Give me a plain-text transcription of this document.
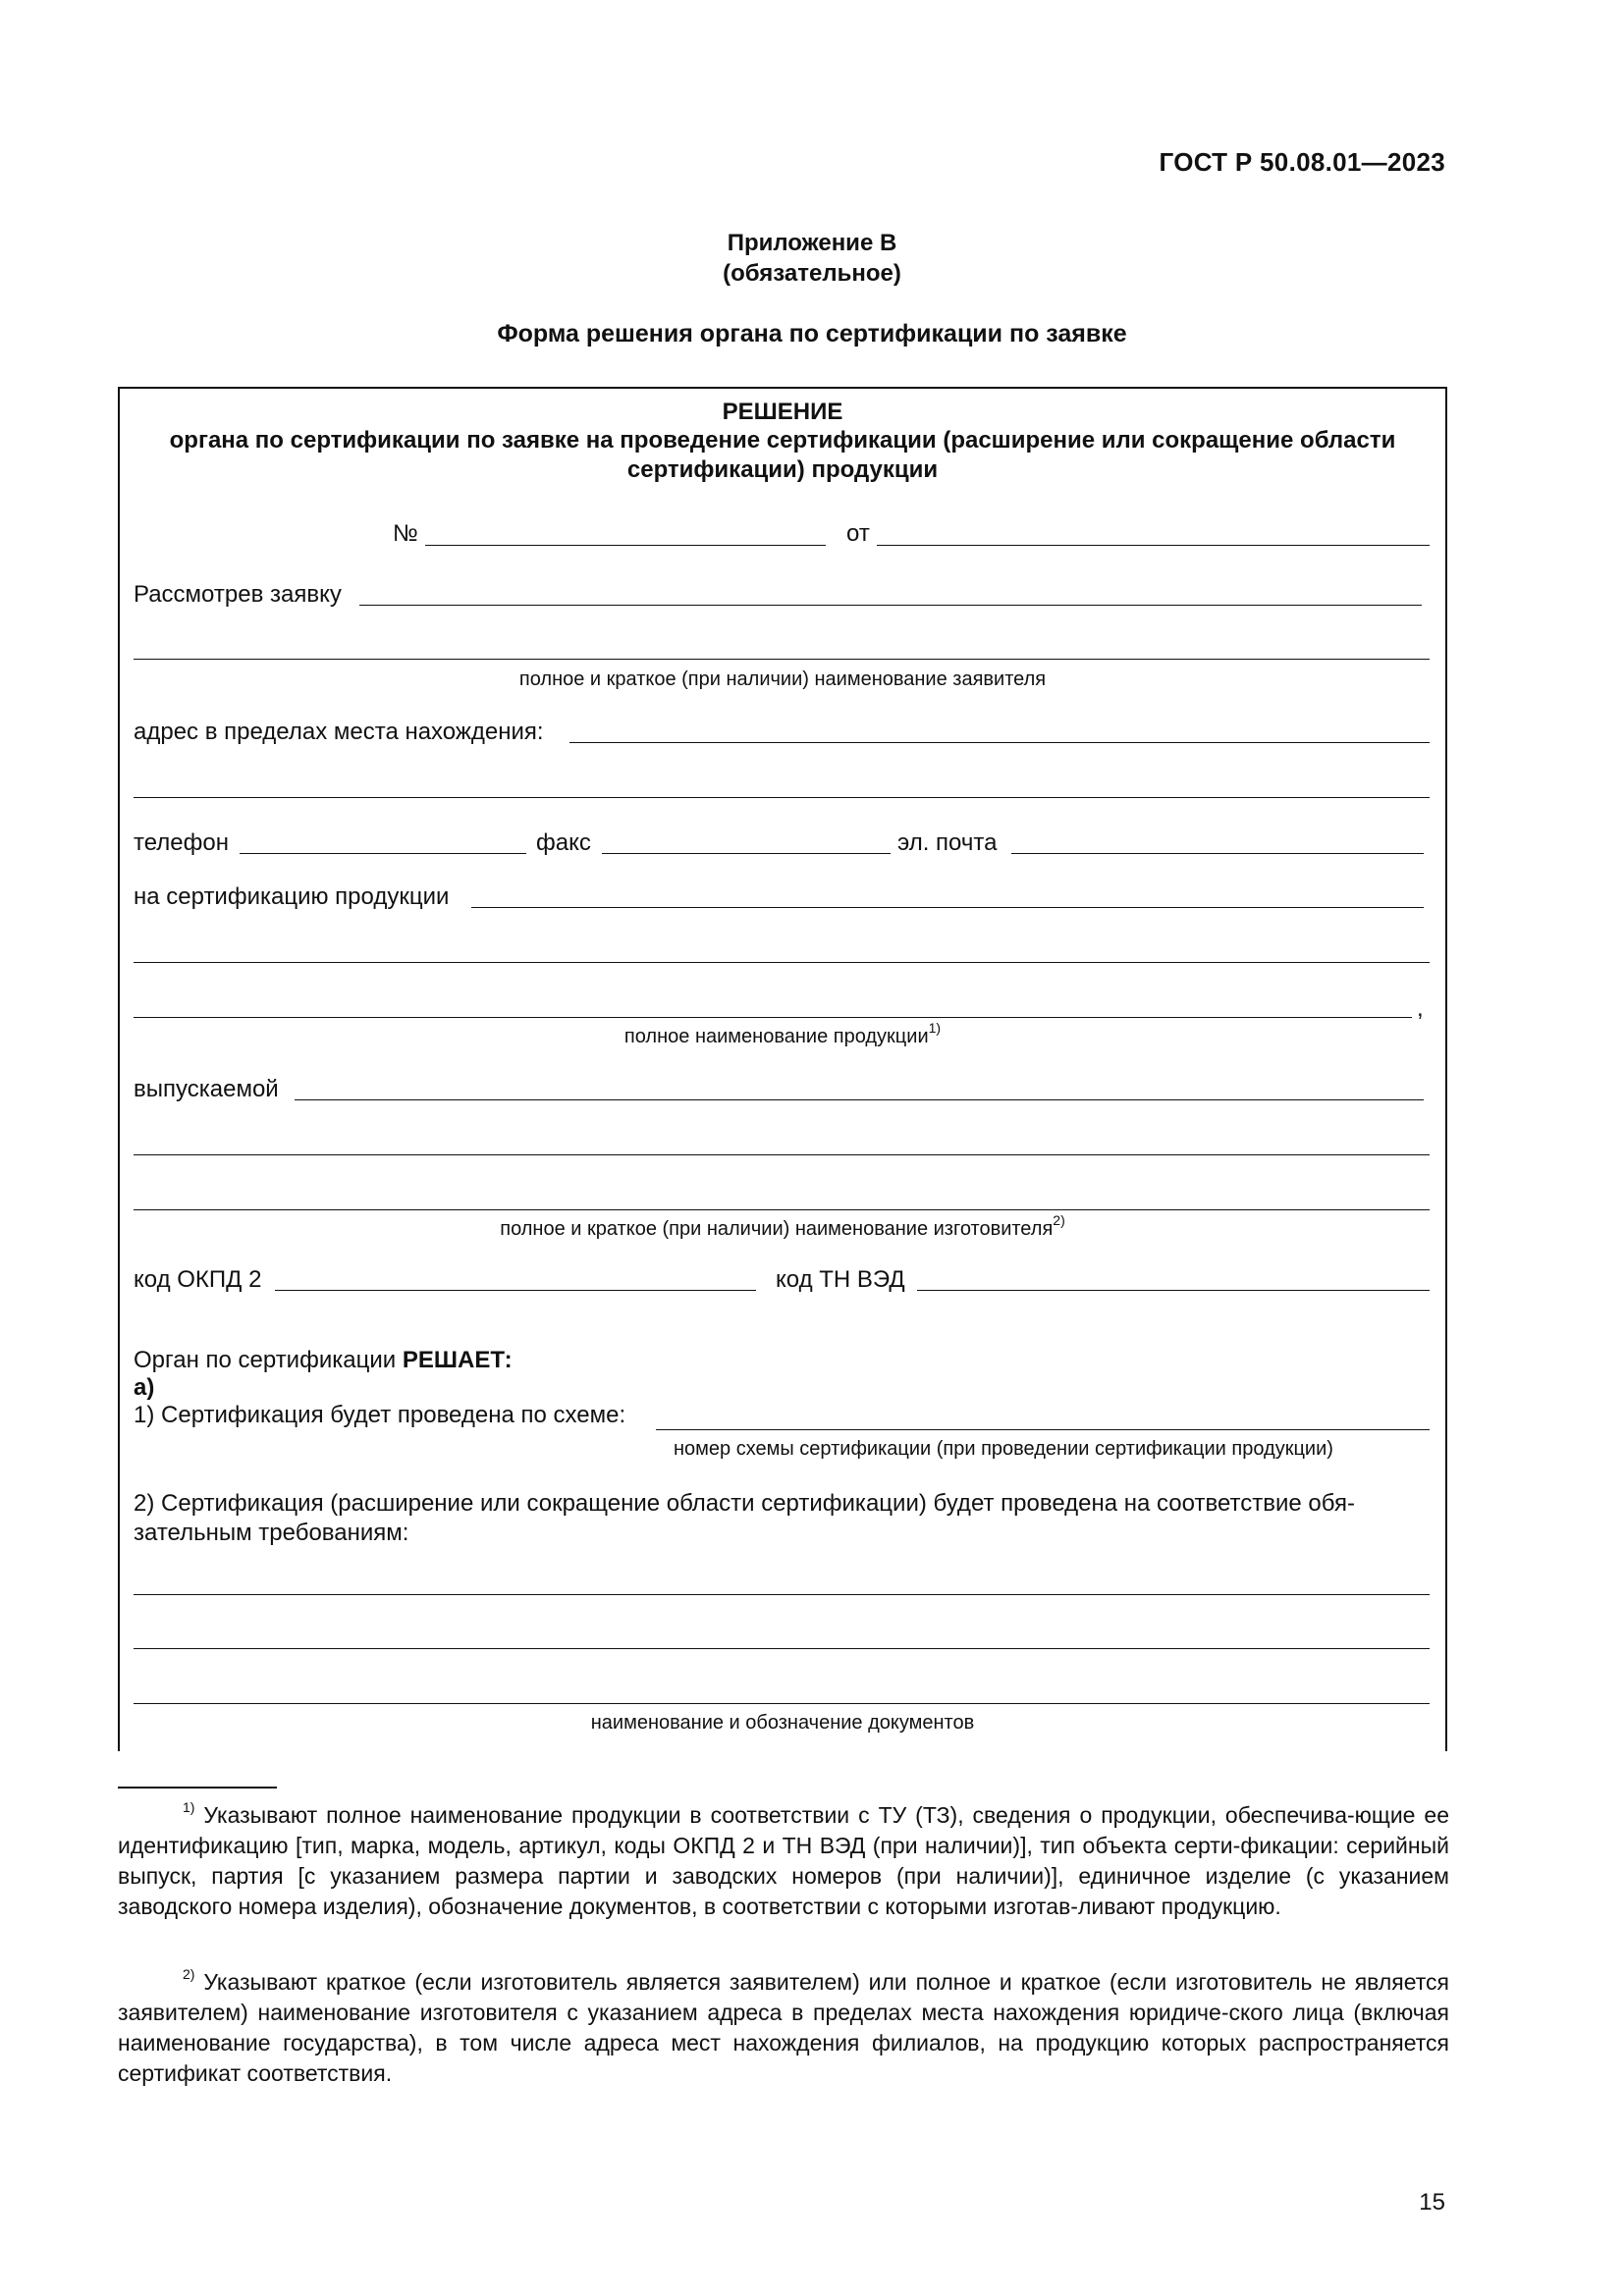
ГОСТ Р 50.08.01—2023
Приложение В
(обязательное)
Форма решения органа по сертификации по заявке
РЕШЕНИЕ
органа по сертификации по заявке на проведение сертификации (расширение или сокращение области
сертификации) продукции
№	от
Рассмотрев заявку
полное и краткое (при наличии) наименование заявителя
адрес в пределах места нахождения:
телефон	факс	эл. почта
на сертификацию продукции
,
полное наименование продукции$^{1)}$
выпускаемой
полное и краткое (при наличии) наименование изготовителя$^{2)}$
код ОКПД 2	код ТН ВЭД
Орган по сертификации РЕШАЕТ:
а)
1) Сертификация будет проведена по схеме:
номер схемы сертификации (при проведении сертификации продукции)
2) Сертификация (расширение или сокращение области сертификации) будет проведена на соответствие обя-
зательным требованиям:
наименование и обозначение документов

$^{1)}$ Указывают полное наименование продукции в соответствии с ТУ (ТЗ), сведения о продукции, обеспечива-ющие ее идентификацию [тип, марка, модель, артикул, коды ОКПД 2 и ТН ВЭД (при наличии)], тип объекта серти-фикации: серийный выпуск, партия [с указанием размера партии и заводских номеров (при наличии)], единичное изделие (с указанием заводского номера изделия), обозначение документов, в соответствии с которыми изготав-ливают продукцию.

$^{2)}$ Указывают краткое (если изготовитель является заявителем) или полное и краткое (если изготовитель не является заявителем) наименование изготовителя с указанием адреса в пределах места нахождения юридиче-ского лица (включая наименование государства), в том числе адреса мест нахождения филиалов, на продукцию которых распространяется сертификат соответствия.

15
